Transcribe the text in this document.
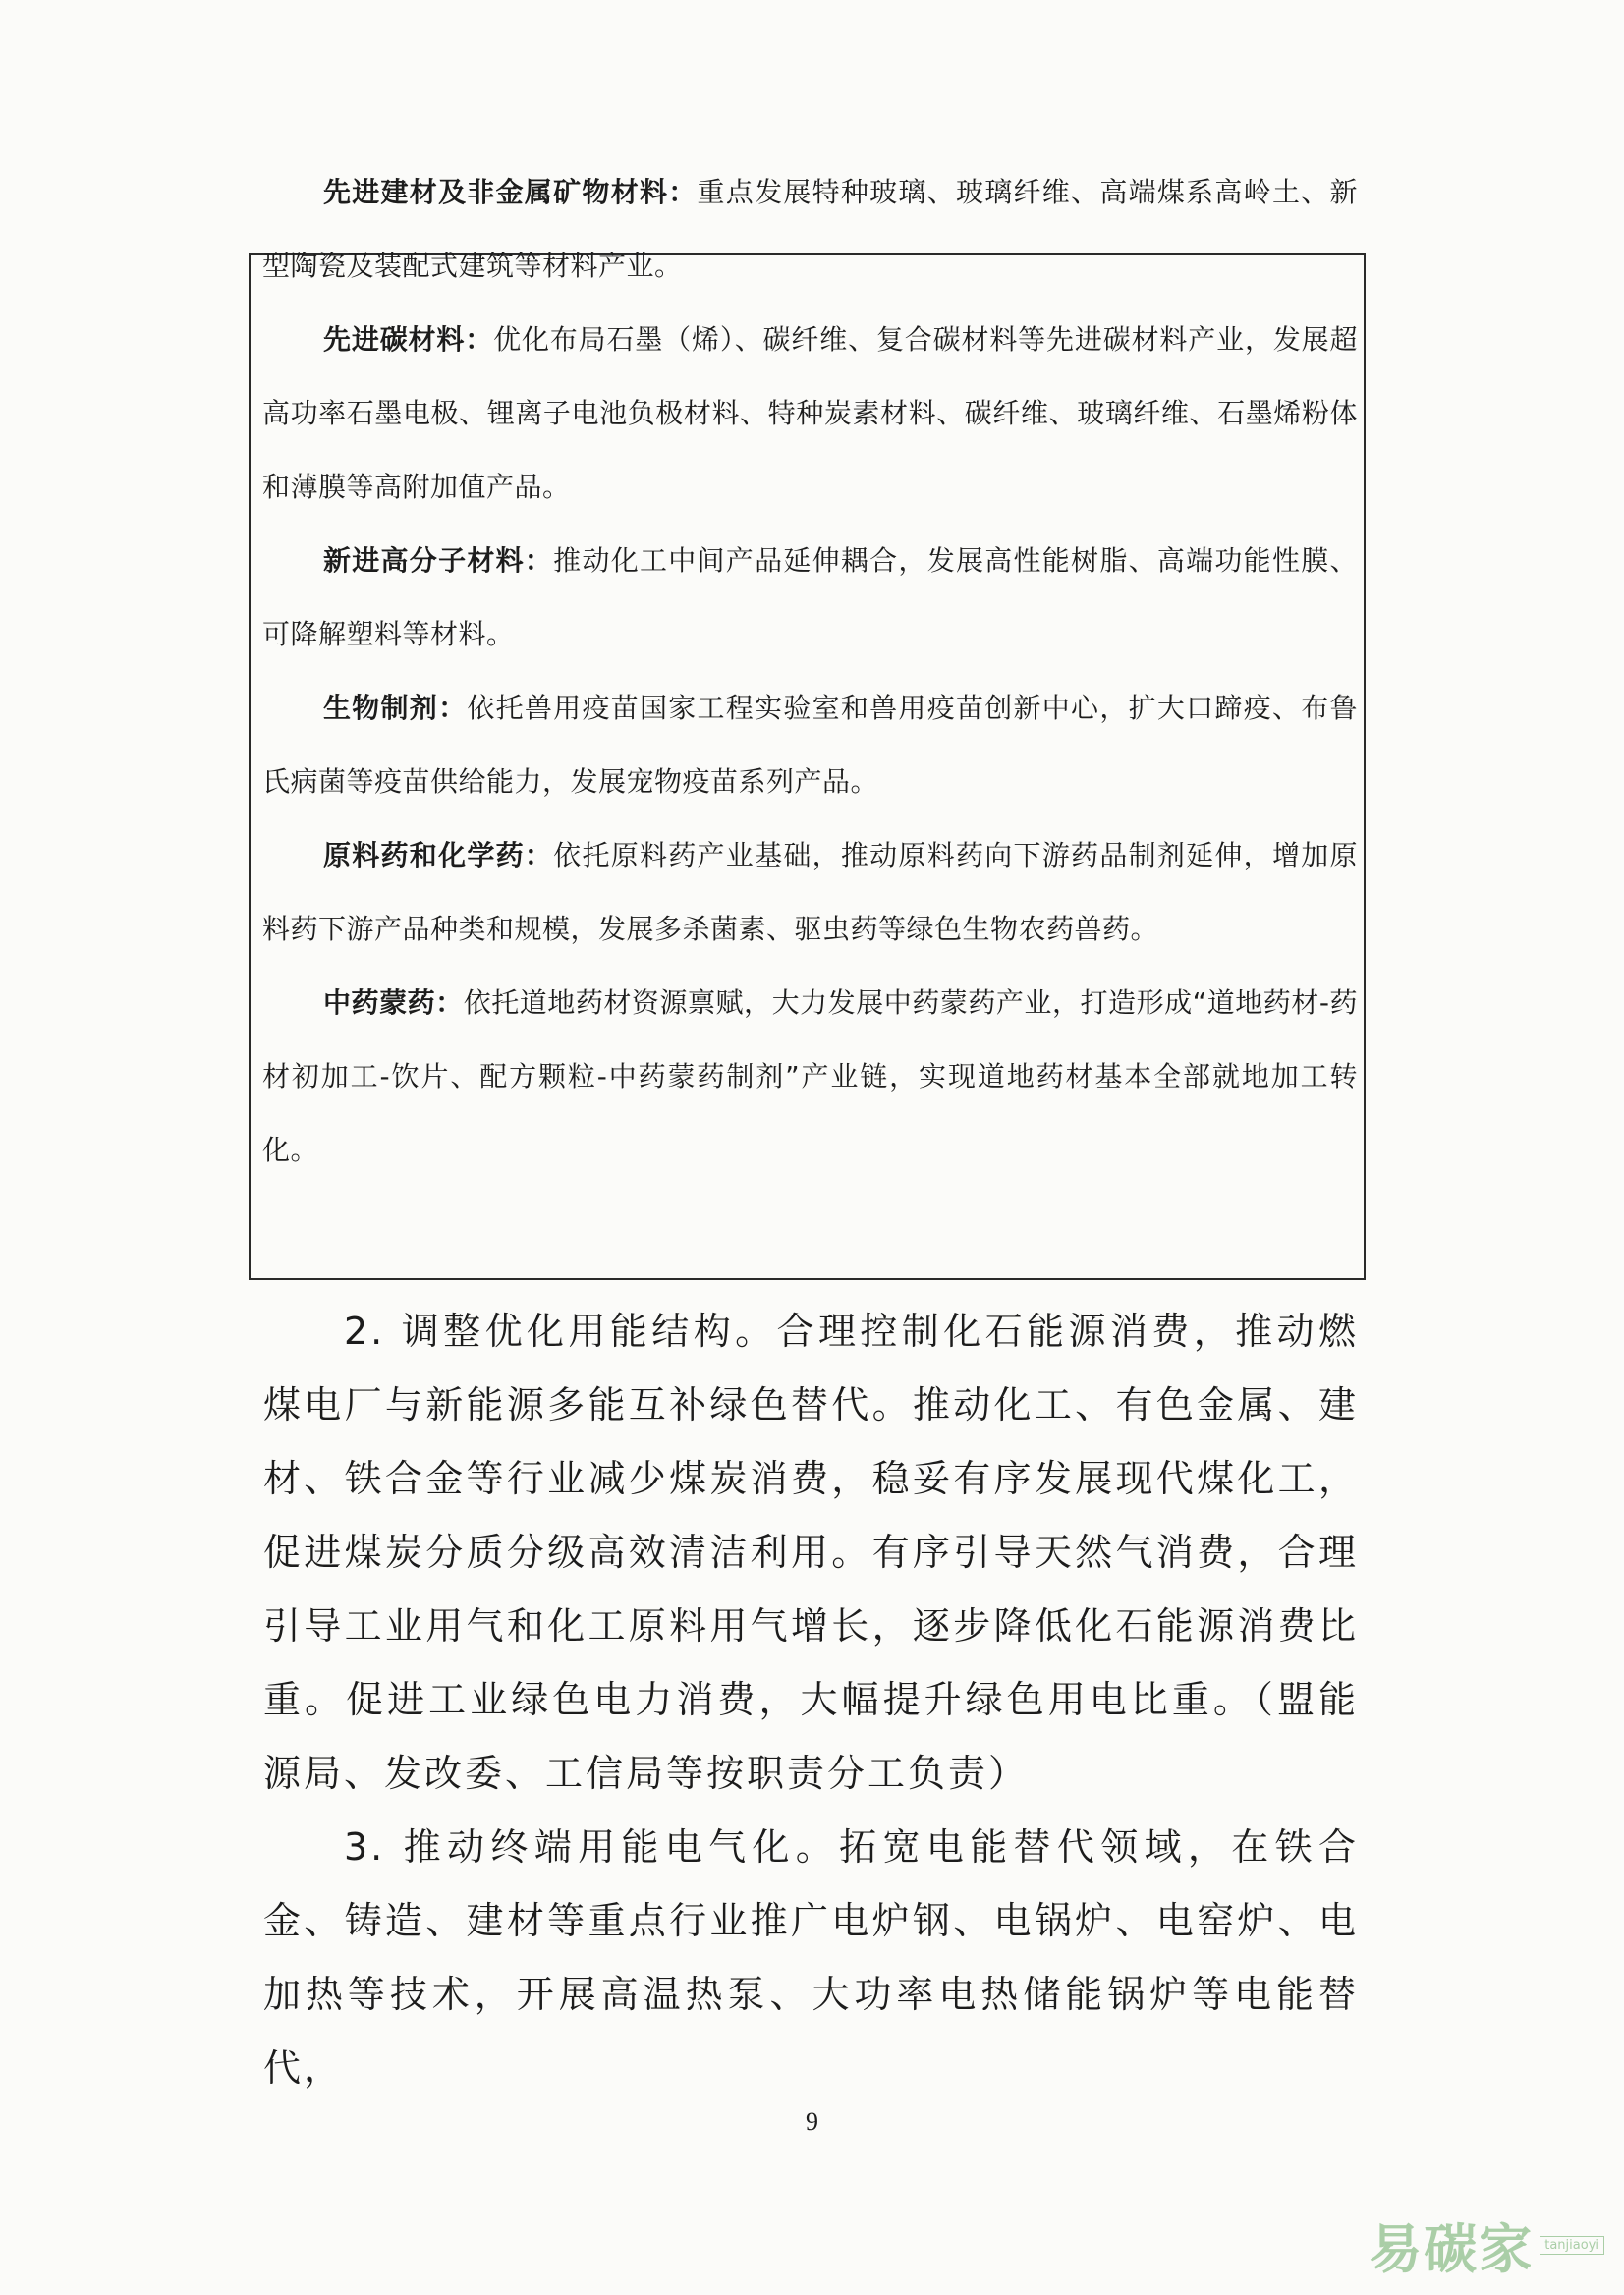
先进建材及非金属矿物材料：重点发展特种玻璃、玻璃纤维、高端煤系高岭土、新型陶瓷及装配式建筑等材料产业。
先进碳材料：优化布局石墨（烯）、碳纤维、复合碳材料等先进碳材料产业，发展超高功率石墨电极、锂离子电池负极材料、特种炭素材料、碳纤维、玻璃纤维、石墨烯粉体和薄膜等高附加值产品。
新进高分子材料：推动化工中间产品延伸耦合，发展高性能树脂、高端功能性膜、可降解塑料等材料。
生物制剂：依托兽用疫苗国家工程实验室和兽用疫苗创新中心，扩大口蹄疫、布鲁氏病菌等疫苗供给能力，发展宠物疫苗系列产品。
原料药和化学药：依托原料药产业基础，推动原料药向下游药品制剂延伸，增加原料药下游产品种类和规模，发展多杀菌素、驱虫药等绿色生物农药兽药。
中药蒙药：依托道地药材资源禀赋，大力发展中药蒙药产业，打造形成“道地药材-药材初加工-饮片、配方颗粒-中药蒙药制剂”产业链，实现道地药材基本全部就地加工转化。
2. 调整优化用能结构。合理控制化石能源消费，推动燃煤电厂与新能源多能互补绿色替代。推动化工、有色金属、建材、铁合金等行业减少煤炭消费，稳妥有序发展现代煤化工，促进煤炭分质分级高效清洁利用。有序引导天然气消费，合理引导工业用气和化工原料用气增长，逐步降低化石能源消费比重。促进工业绿色电力消费，大幅提升绿色用电比重。（盟能源局、发改委、工信局等按职责分工负责）
3. 推动终端用能电气化。拓宽电能替代领域，在铁合金、铸造、建材等重点行业推广电炉钢、电锅炉、电窑炉、电加热等技术，开展高温热泵、大功率电热储能锅炉等电能替代，
9
易碳家 tanjiaoyi
